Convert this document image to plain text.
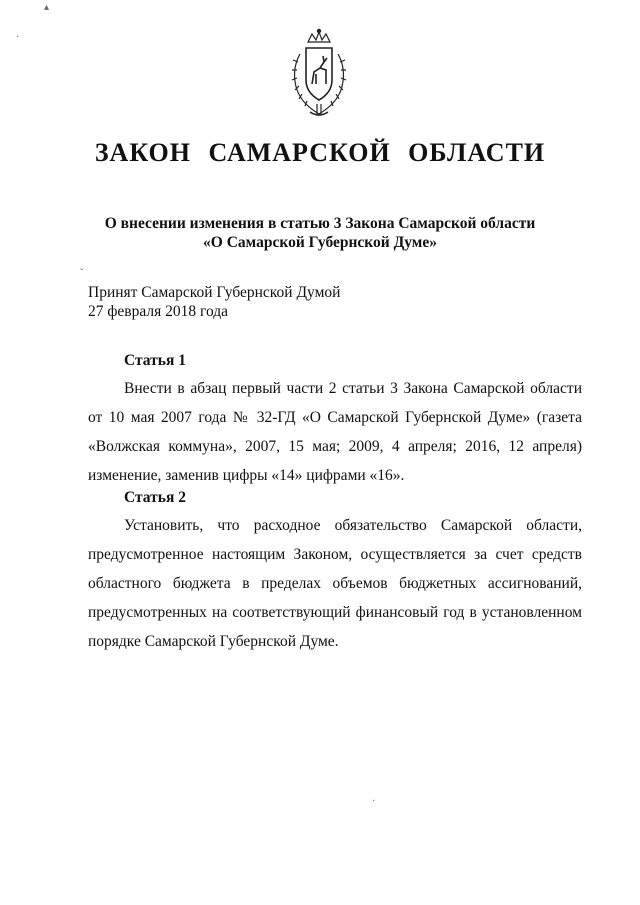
▴
·
ЗАКОН САМАРСКОЙ ОБЛАСТИ
О внесении изменения в статью 3 Закона Самарской области
«О Самарской Губернской Думе»
ˇ
Принят Самарской Губернской Думой
27 февраля 2018 года
Статья 1
Внести в абзац первый части 2 статьи 3 Закона Самарской области
от 10 мая 2007 года № 32-ГД «О Самарской Губернской Думе» (газета
«Волжская коммуна», 2007, 15 мая; 2009, 4 апреля; 2016, 12 апреля)
изменение, заменив цифры «14» цифрами «16».
Статья 2
Установить, что расходное обязательство Самарской области,
предусмотренное настоящим Законом, осуществляется за счет средств
областного бюджета в пределах объемов бюджетных ассигнований,
предусмотренных на соответствующий финансовый год в установленном
порядке Самарской Губернской Думе.
·
